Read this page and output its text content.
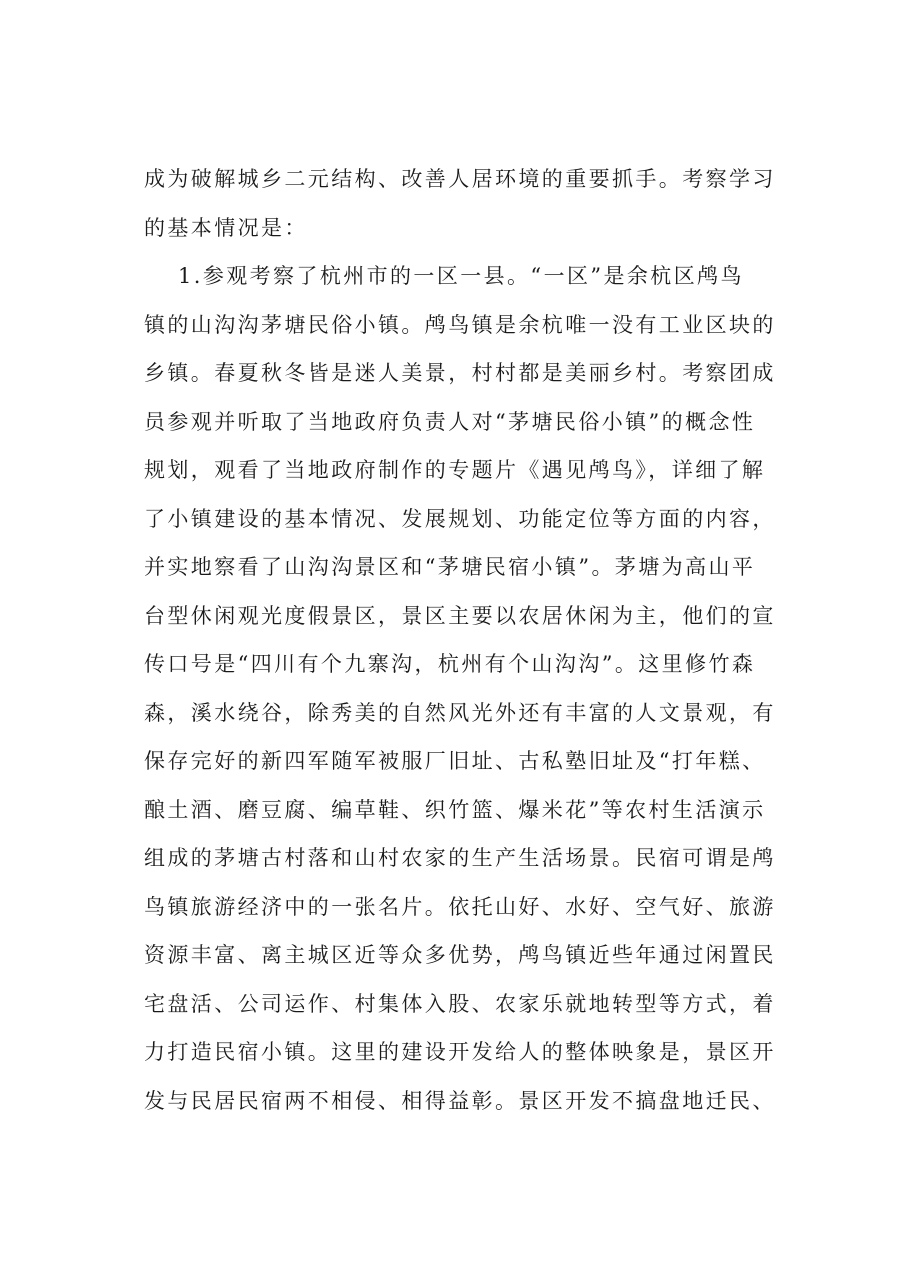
成为破解城乡二元结构、改善人居环境的重要抓手。考察学习
的基本情况是：
1.参观考察了杭州市的一区一县。“一区”是余杭区鸬鸟
镇的山沟沟茅塘民俗小镇。鸬鸟镇是余杭唯一没有工业区块的
乡镇。春夏秋冬皆是迷人美景，村村都是美丽乡村。考察团成
员参观并听取了当地政府负责人对“茅塘民俗小镇”的概念性
规划，观看了当地政府制作的专题片《遇见鸬鸟》，详细了解
了小镇建设的基本情况、发展规划、功能定位等方面的内容，
并实地察看了山沟沟景区和“茅塘民宿小镇”。茅塘为高山平
台型休闲观光度假景区，景区主要以农居休闲为主，他们的宣
传口号是“四川有个九寨沟，杭州有个山沟沟”。这里修竹森
森，溪水绕谷，除秀美的自然风光外还有丰富的人文景观，有
保存完好的新四军随军被服厂旧址、古私塾旧址及“打年糕、
酿土酒、磨豆腐、编草鞋、织竹篮、爆米花”等农村生活演示
组成的茅塘古村落和山村农家的生产生活场景。民宿可谓是鸬
鸟镇旅游经济中的一张名片。依托山好、水好、空气好、旅游
资源丰富、离主城区近等众多优势，鸬鸟镇近些年通过闲置民
宅盘活、公司运作、村集体入股、农家乐就地转型等方式，着
力打造民宿小镇。这里的建设开发给人的整体映象是，景区开
发与民居民宿两不相侵、相得益彰。景区开发不搞盘地迁民、
